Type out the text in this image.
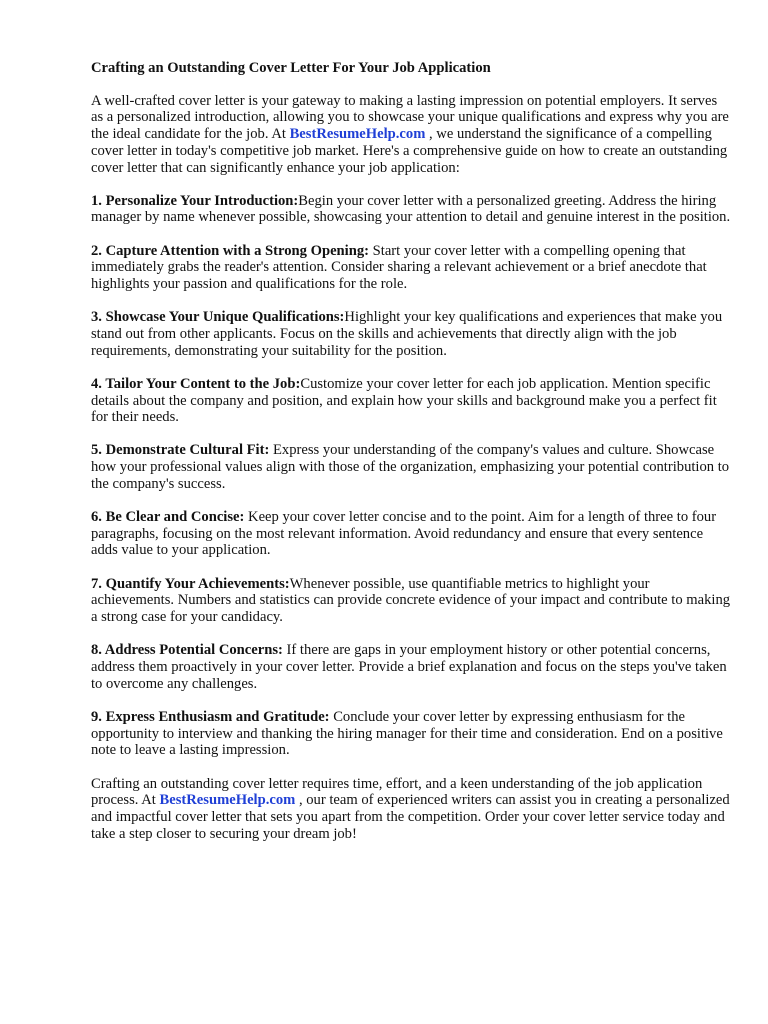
Crafting an Outstanding Cover Letter For Your Job Application

A well-crafted cover letter is your gateway to making a lasting impression on potential employers. It serves as a personalized introduction, allowing you to showcase your unique qualifications and express why you are the ideal candidate for the job. At BestResumeHelp.com , we understand the significance of a compelling cover letter in today's competitive job market. Here's a comprehensive guide on how to create an outstanding cover letter that can significantly enhance your job application:

1. Personalize Your Introduction:Begin your cover letter with a personalized greeting. Address the hiring manager by name whenever possible, showcasing your attention to detail and genuine interest in the position.

2. Capture Attention with a Strong Opening: Start your cover letter with a compelling opening that immediately grabs the reader's attention. Consider sharing a relevant achievement or a brief anecdote that highlights your passion and qualifications for the role.

3. Showcase Your Unique Qualifications:Highlight your key qualifications and experiences that make you stand out from other applicants. Focus on the skills and achievements that directly align with the job requirements, demonstrating your suitability for the position.

4. Tailor Your Content to the Job:Customize your cover letter for each job application. Mention specific details about the company and position, and explain how your skills and background make you a perfect fit for their needs.

5. Demonstrate Cultural Fit: Express your understanding of the company's values and culture. Showcase how your professional values align with those of the organization, emphasizing your potential contribution to the company's success.

6. Be Clear and Concise: Keep your cover letter concise and to the point. Aim for a length of three to four paragraphs, focusing on the most relevant information. Avoid redundancy and ensure that every sentence adds value to your application.

7. Quantify Your Achievements:Whenever possible, use quantifiable metrics to highlight your achievements. Numbers and statistics can provide concrete evidence of your impact and contribute to making a strong case for your candidacy.

8. Address Potential Concerns: If there are gaps in your employment history or other potential concerns, address them proactively in your cover letter. Provide a brief explanation and focus on the steps you've taken to overcome any challenges.

9. Express Enthusiasm and Gratitude: Conclude your cover letter by expressing enthusiasm for the opportunity to interview and thanking the hiring manager for their time and consideration. End on a positive note to leave a lasting impression.

Crafting an outstanding cover letter requires time, effort, and a keen understanding of the job application process. At BestResumeHelp.com , our team of experienced writers can assist you in creating a personalized and impactful cover letter that sets you apart from the competition. Order your cover letter service today and take a step closer to securing your dream job!
